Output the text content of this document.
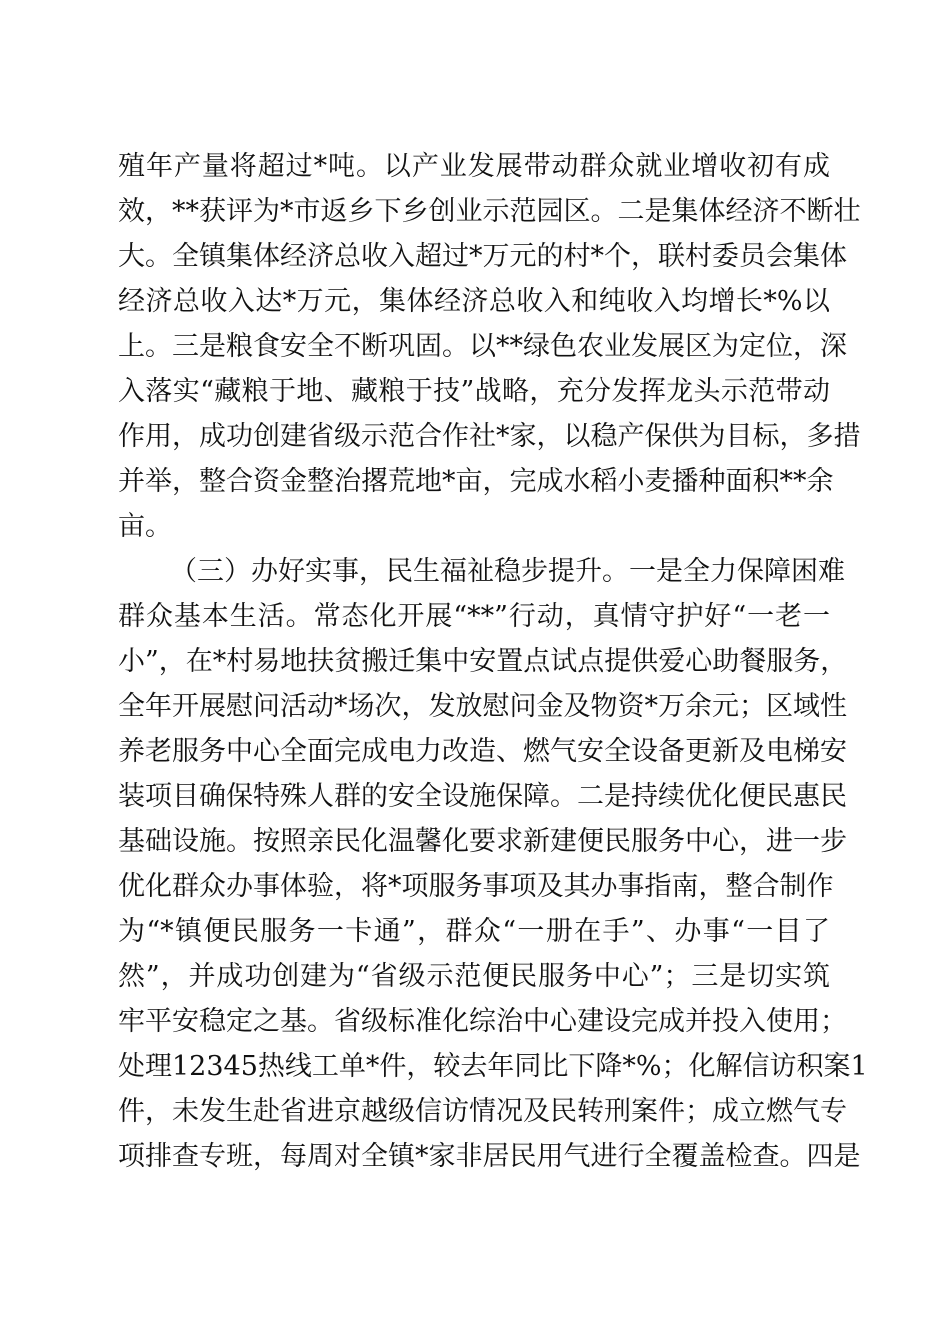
殖年产量将超过*吨。以产业发展带动群众就业增收初有成
效，**获评为*市返乡下乡创业示范园区。二是集体经济不断壮
大。全镇集体经济总收入超过*万元的村*个，联村委员会集体
经济总收入达*万元，集体经济总收入和纯收入均增长*%以
上。三是粮食安全不断巩固。以**绿色农业发展区为定位，深
入落实“藏粮于地、藏粮于技”战略，充分发挥龙头示范带动
作用，成功创建省级示范合作社*家，以稳产保供为目标，多措
并举，整合资金整治撂荒地*亩，完成水稻小麦播种面积**余
亩。
（三）办好实事，民生福祉稳步提升。一是全力保障困难
群众基本生活。常态化开展“**”行动，真情守护好“一老一
小”，在*村易地扶贫搬迁集中安置点试点提供爱心助餐服务，
全年开展慰问活动*场次，发放慰问金及物资*万余元；区域性
养老服务中心全面完成电力改造、燃气安全设备更新及电梯安
装项目确保特殊人群的安全设施保障。二是持续优化便民惠民
基础设施。按照亲民化温馨化要求新建便民服务中心，进一步
优化群众办事体验，将*项服务事项及其办事指南，整合制作
为“*镇便民服务一卡通”，群众“一册在手”、办事“一目了
然”，并成功创建为“省级示范便民服务中心”；三是切实筑
牢平安稳定之基。省级标准化综治中心建设完成并投入使用；
处理12345热线工单*件，较去年同比下降*%；化解信访积案1
件，未发生赴省进京越级信访情况及民转刑案件；成立燃气专
项排查专班，每周对全镇*家非居民用气进行全覆盖检查。四是
